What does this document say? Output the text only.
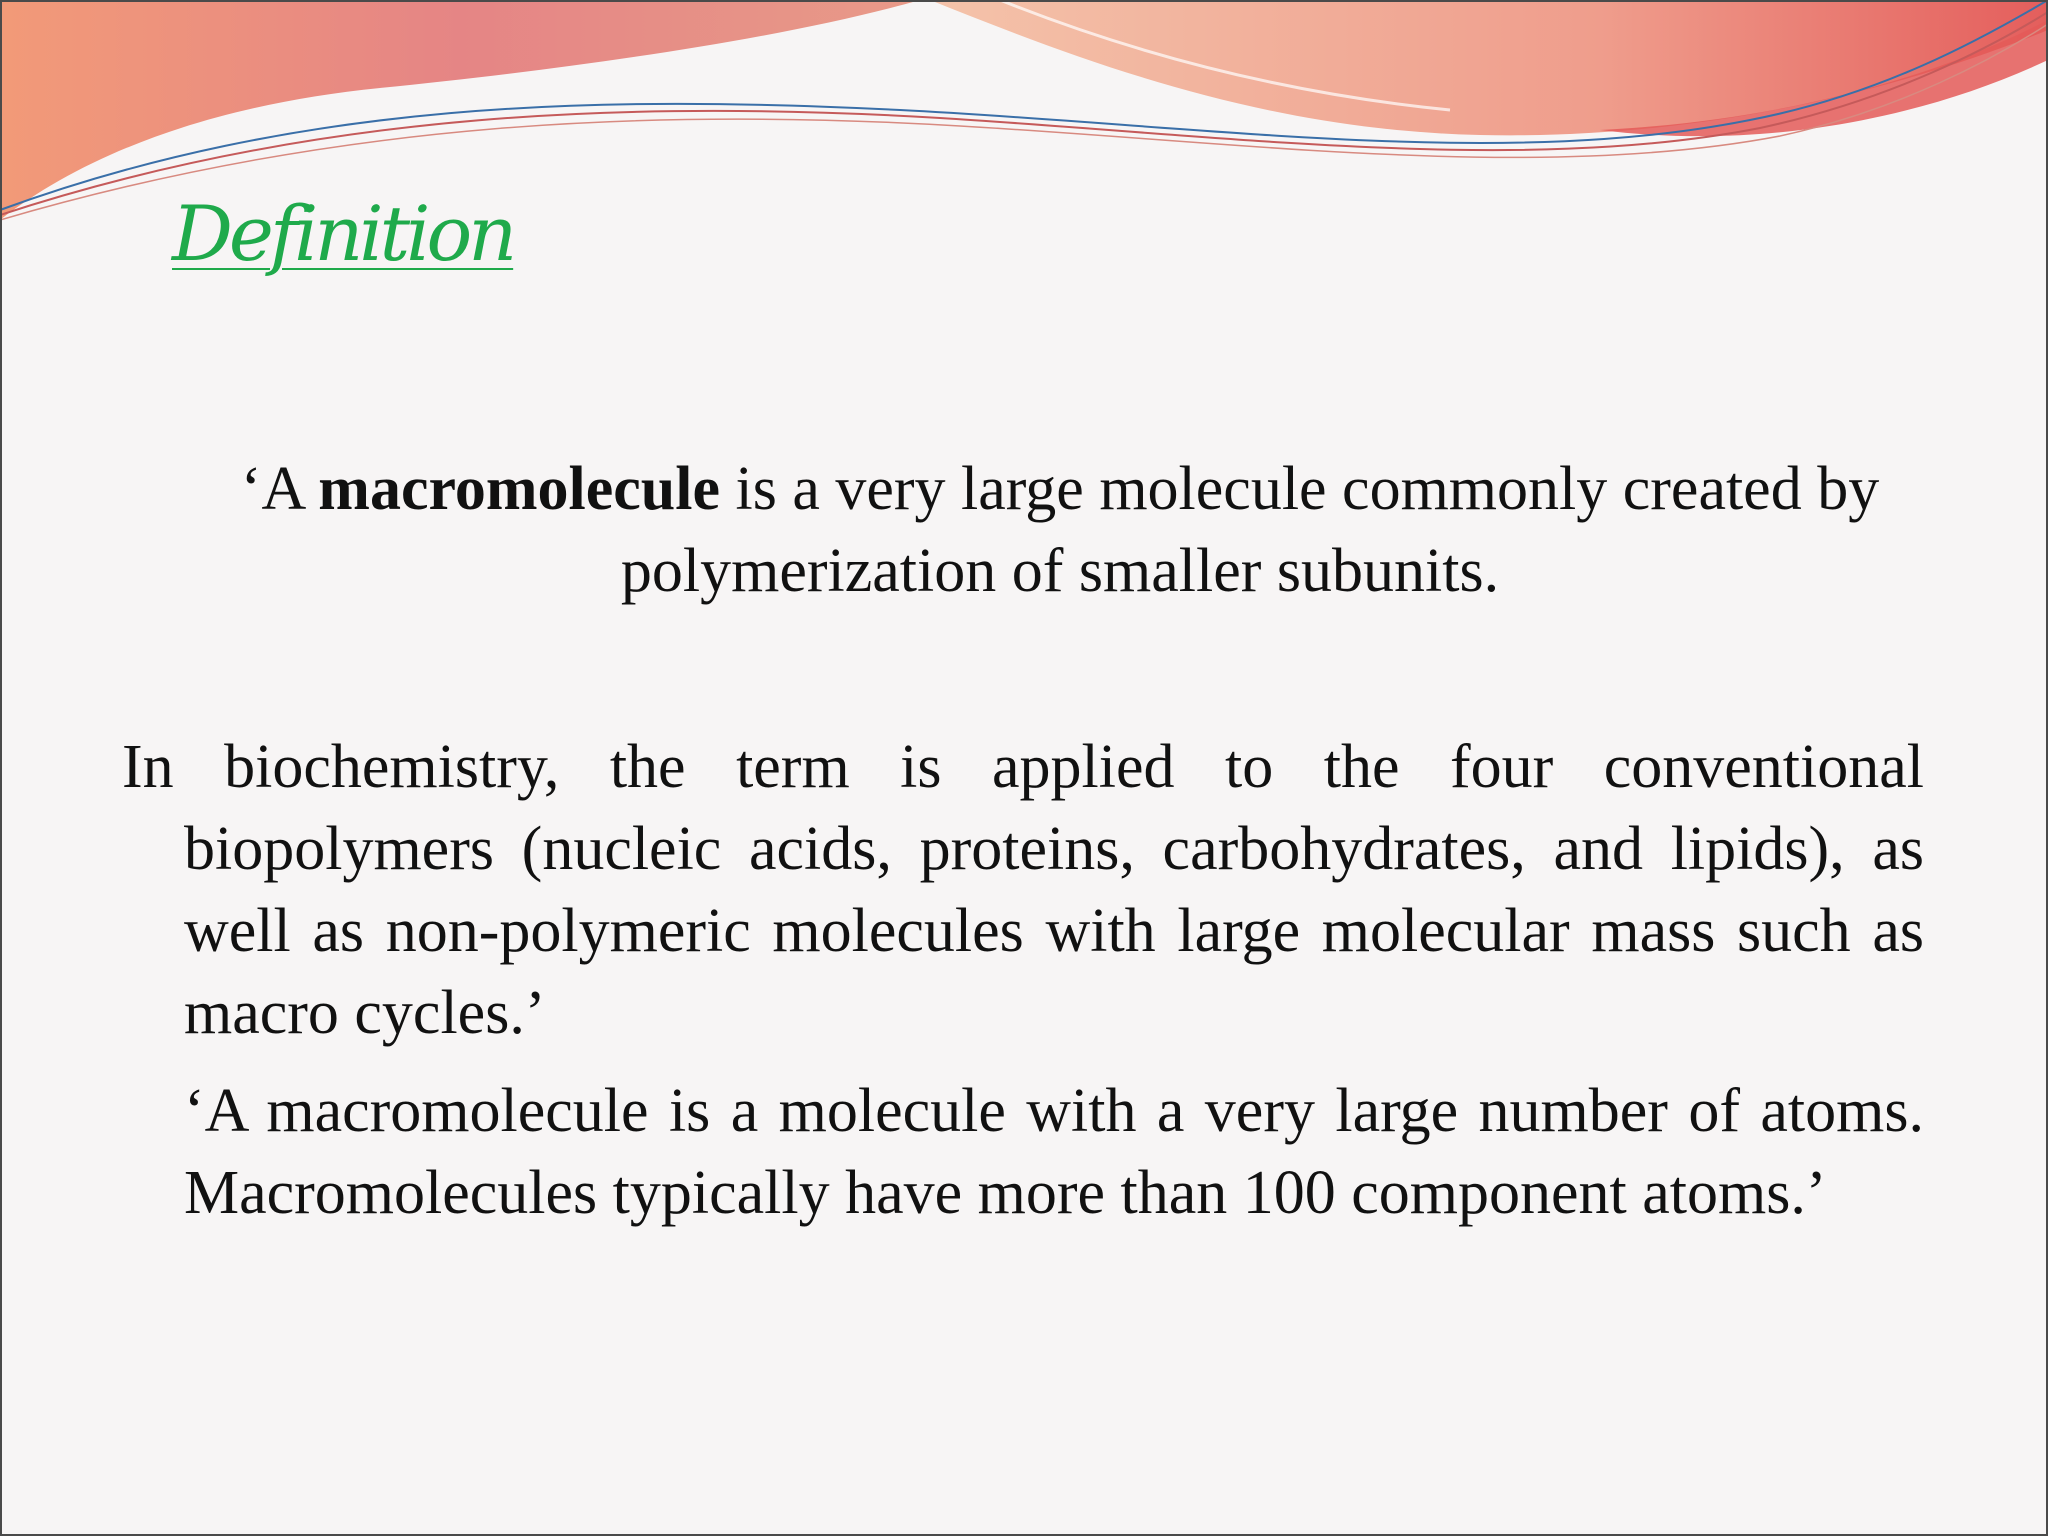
Definition

‘A macromolecule is a very large molecule commonly created by polymerization of smaller subunits.

In biochemistry, the term is applied to the four conventional biopolymers (nucleic acids, proteins, carbohydrates, and lipids), as well as non-polymeric molecules with large molecular mass such as macro cycles.’

‘A macromolecule is a molecule with a very large number of atoms. Macromolecules typically have more than 100 component atoms.’
